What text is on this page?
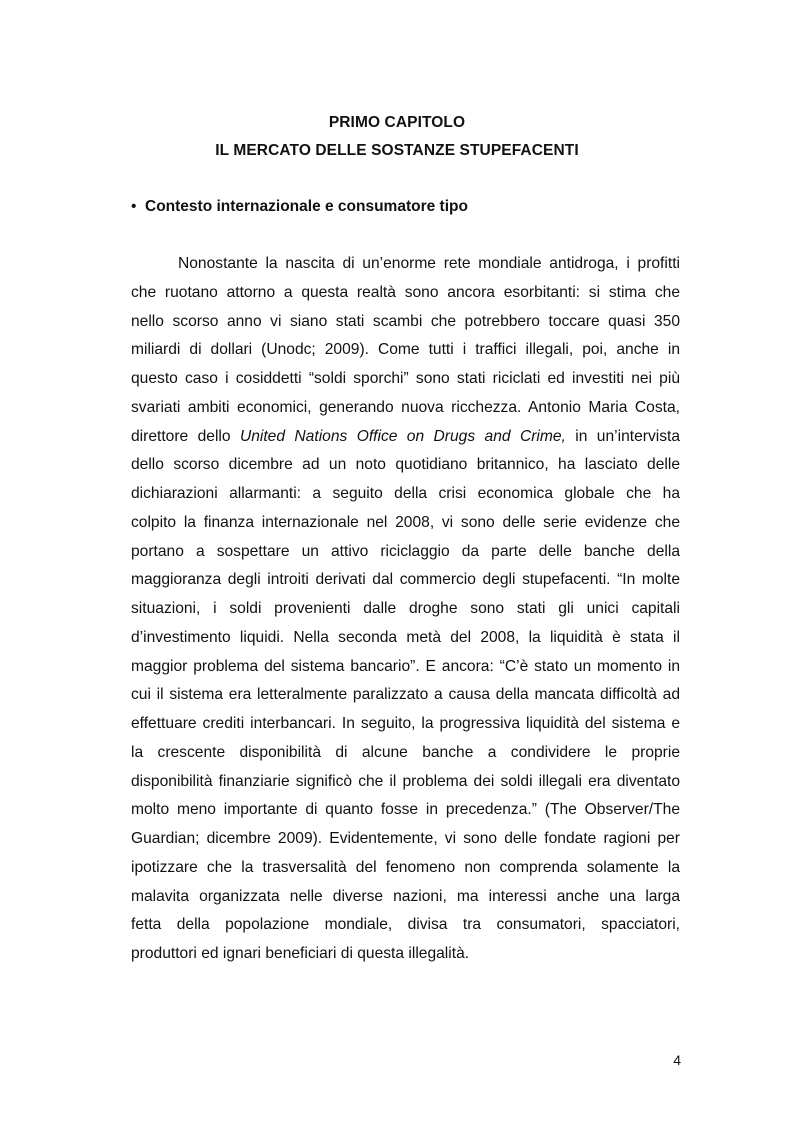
PRIMO CAPITOLO
IL MERCATO DELLE SOSTANZE STUPEFACENTI
• Contesto internazionale e consumatore tipo
Nonostante la nascita di un’enorme rete mondiale antidroga, i profitti
che ruotano attorno a questa realtà sono ancora esorbitanti: si stima che
nello scorso anno vi siano stati scambi che potrebbero toccare quasi 350
miliardi di dollari (Unodc; 2009). Come tutti i traffici illegali, poi, anche in
questo caso i cosiddetti “soldi sporchi” sono stati riciclati ed investiti nei più
svariati ambiti economici, generando nuova ricchezza. Antonio Maria Costa,
direttore dello United Nations Office on Drugs and Crime, in un’intervista
dello scorso dicembre ad un noto quotidiano britannico, ha lasciato delle
dichiarazioni allarmanti: a seguito della crisi economica globale che ha
colpito la finanza internazionale nel 2008, vi sono delle serie evidenze che
portano a sospettare un attivo riciclaggio da parte delle banche della
maggioranza degli introiti derivati dal commercio degli stupefacenti. “In molte
situazioni, i soldi provenienti dalle droghe sono stati gli unici capitali
d’investimento liquidi. Nella seconda metà del 2008, la liquidità è stata il
maggior problema del sistema bancario”. E ancora: “C’è stato un momento in
cui il sistema era letteralmente paralizzato a causa della mancata difficoltà ad
effettuare crediti interbancari. In seguito, la progressiva liquidità del sistema e
la crescente disponibilità di alcune banche a condividere le proprie
disponibilità finanziarie significò che il problema dei soldi illegali era diventato
molto meno importante di quanto fosse in precedenza.” (The Observer/The
Guardian; dicembre 2009). Evidentemente, vi sono delle fondate ragioni per
ipotizzare che la trasversalità del fenomeno non comprenda solamente la
malavita organizzata nelle diverse nazioni, ma interessi anche una larga
fetta della popolazione mondiale, divisa tra consumatori, spacciatori,
produttori ed ignari beneficiari di questa illegalità.
4
